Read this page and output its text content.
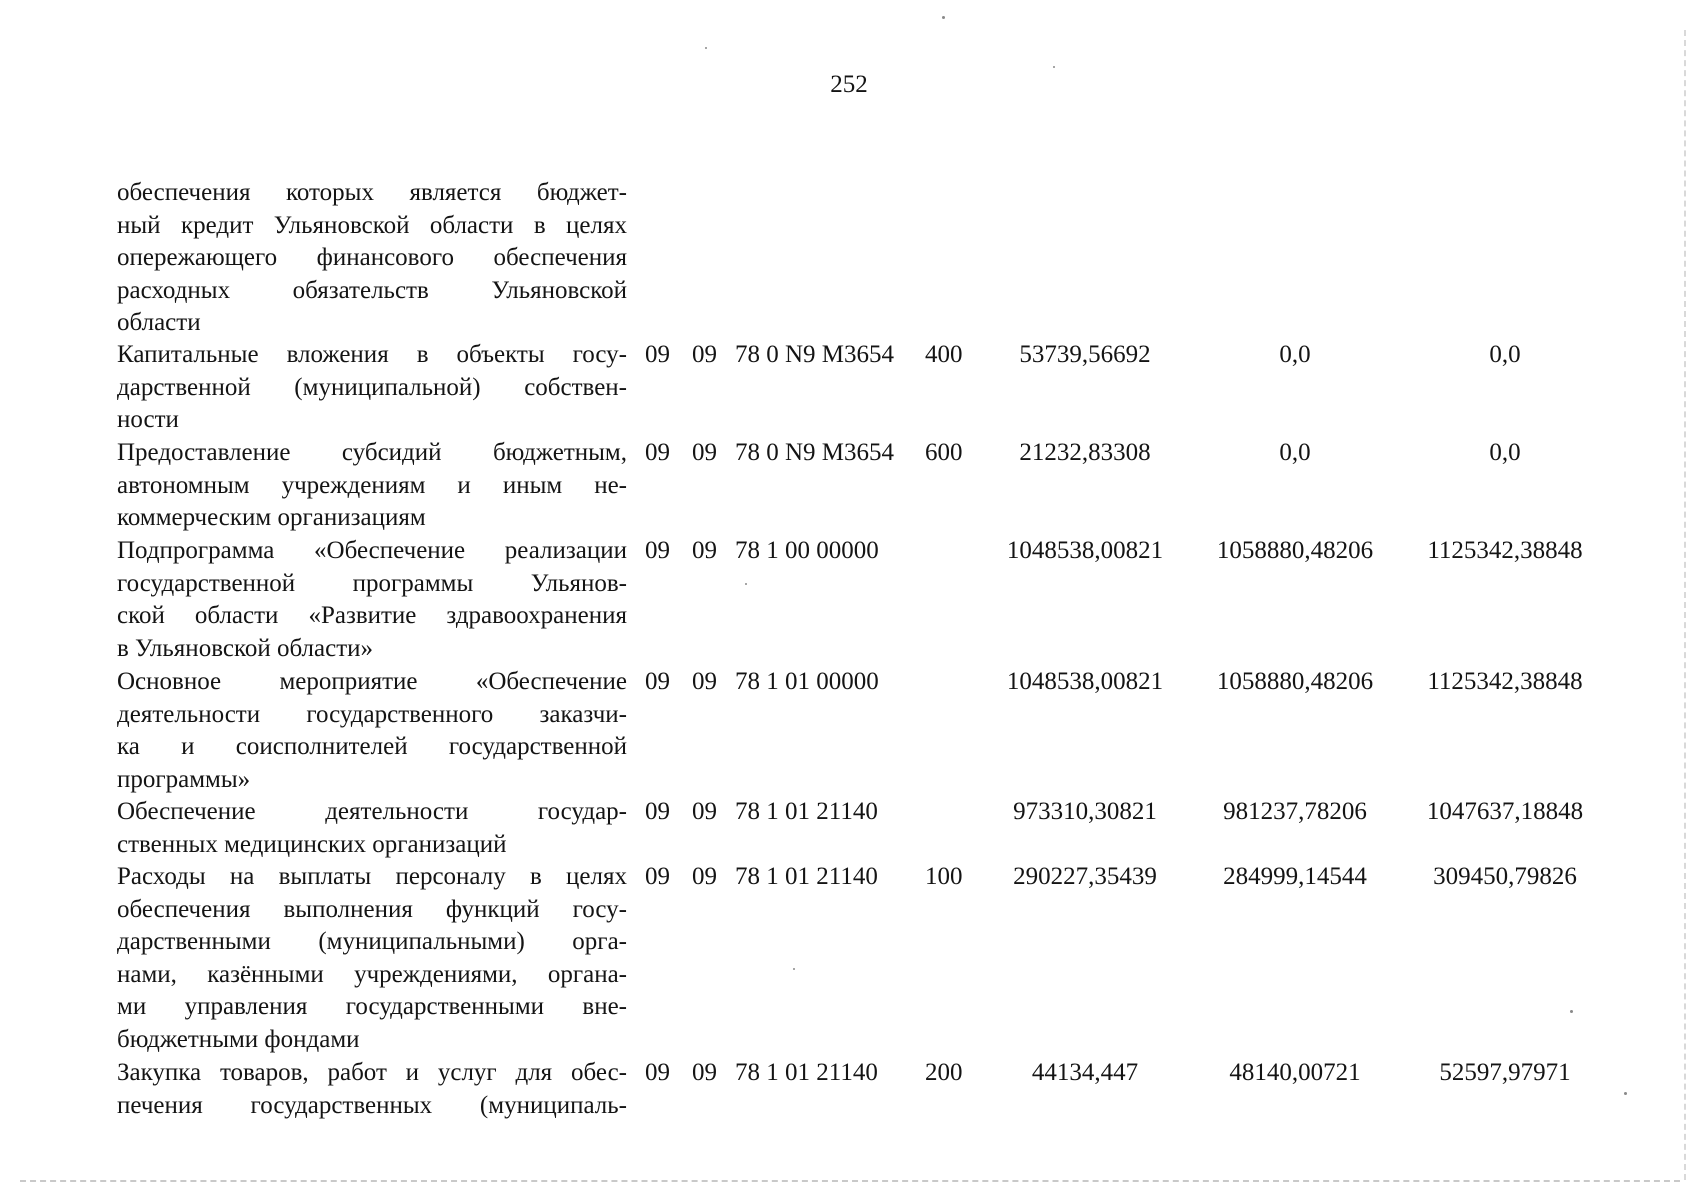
252
обеспечения которых является бюджет-
ный кредит Ульяновской области в целях
опережающего финансового обеспечения
расходных обязательств Ульяновской
области
Капитальные вложения в объекты госу-
дарственной (муниципальной) собствен-
ности
09 09 78 0 N9 M3654 400	53739,56692	0,0	0,0
Предоставление субсидий бюджетным,
автономным учреждениям и иным не-
коммерческим организациям
09 09 78 0 N9 M3654 600	21232,83308	0,0	0,0
Подпрограмма «Обеспечение реализации
государственной программы Ульянов-
ской области «Развитие здравоохранения
в Ульяновской области»
09 09 78 1 00 00000	1048538,00821	1058880,48206	1125342,38848
Основное мероприятие «Обеспечение
деятельности государственного заказчи-
ка и соисполнителей государственной
программы»
09 09 78 1 01 00000	1048538,00821	1058880,48206	1125342,38848
Обеспечение деятельности государ-
ственных медицинских организаций
09 09 78 1 01 21140	973310,30821	981237,78206	1047637,18848
Расходы на выплаты персоналу в целях
обеспечения выполнения функций госу-
дарственными (муниципальными) орга-
нами, казёнными учреждениями, органа-
ми управления государственными вне-
бюджетными фондами
09 09 78 1 01 21140 100	290227,35439	284999,14544	309450,79826
Закупка товаров, работ и услуг для обес-
печения государственных (муниципаль-
09 09 78 1 01 21140 200	44134,447	48140,00721	52597,97971
